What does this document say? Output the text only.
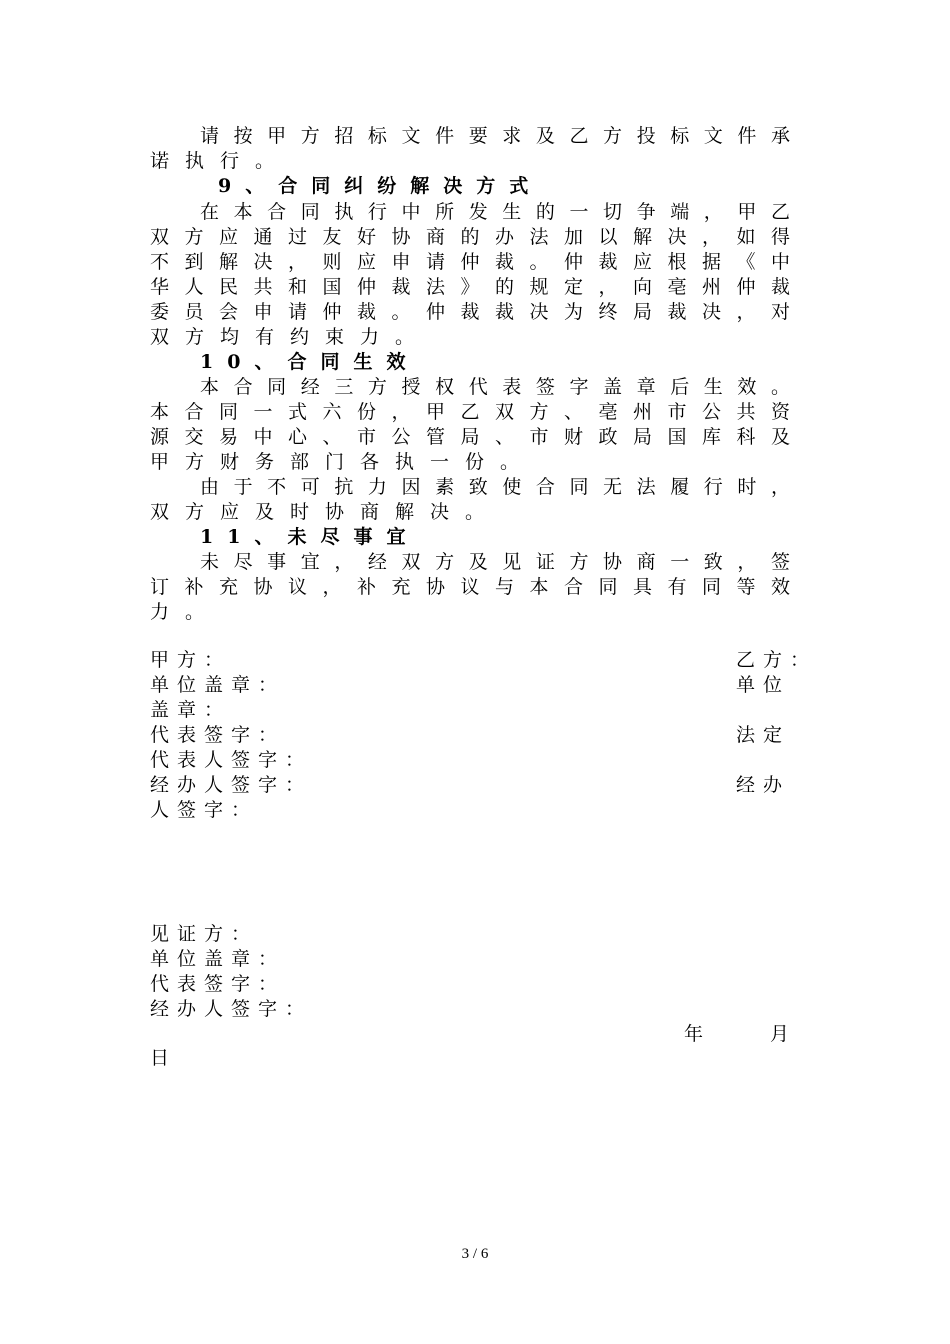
请按甲方招标文件要求及乙方投标文件承
诺执行。
9、合同纠纷解决方式
在本合同执行中所发生的一切争端，甲乙
双方应通过友好协商的办法加以解决，如得
不到解决，则应申请仲裁。仲裁应根据《中
华人民共和国仲裁法》的规定，向亳州仲裁
委员会申请仲裁。仲裁裁决为终局裁决，对
双方均有约束力。
10、合同生效
本合同经三方授权代表签字盖章后生效。
本合同一式六份，甲乙双方、亳州市公共资
源交易中心、市公管局、市财政局国库科及
甲方财务部门各执一份。
由于不可抗力因素致使合同无法履行时，
双方应及时协商解决。
11、未尽事宜
未尽事宜，经双方及见证方协商一致，签
订补充协议，补充协议与本合同具有同等效
力。
甲方：
单位盖章：
盖章：
代表签字：
代表人签字：
经办人签字：
人签字：
乙方：
单位
法定
经办
见证方：
单位盖章：
代表签字：
经办人签字：
年	月
日
3 / 6
